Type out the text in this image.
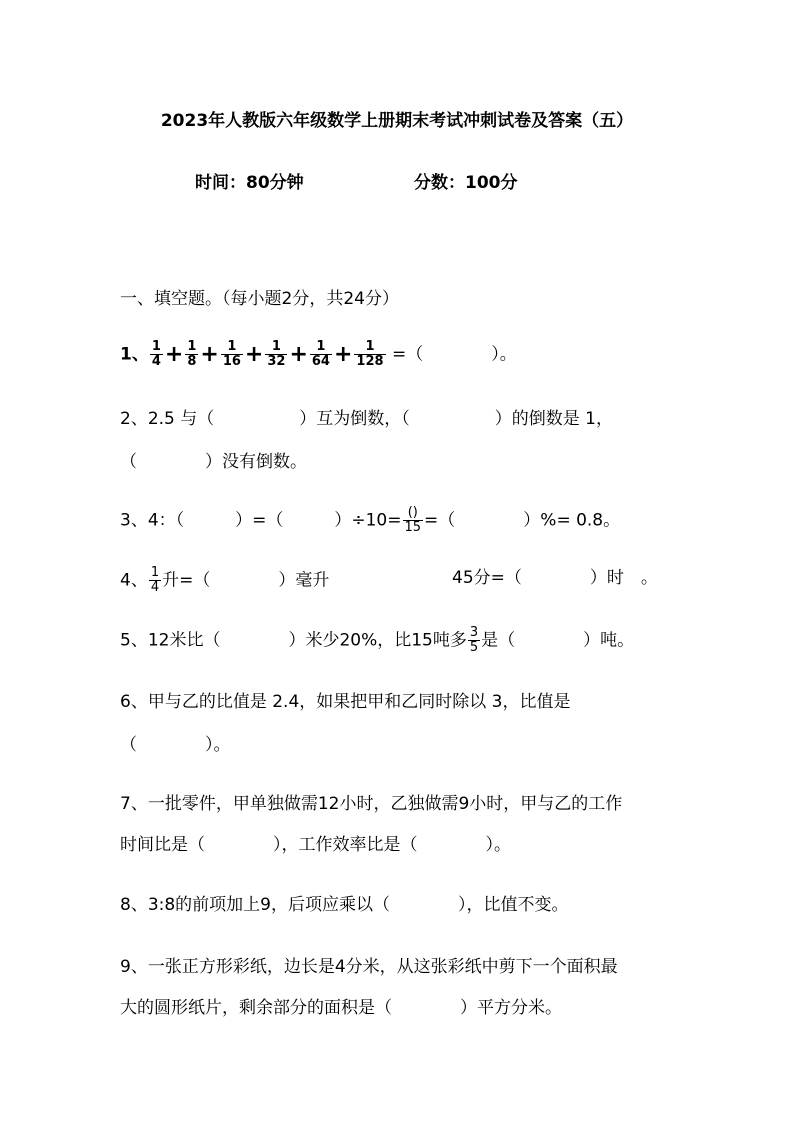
2023年人教版六年级数学上册期末考试冲刺试卷及答案（五）
时间：80分钟	分数：100分
一、填空题。（每小题2分，共24分）
1、 $\frac{1}{4} + \frac{1}{8} + \frac{1}{16} + \frac{1}{32} + \frac{1}{64} + \frac{1}{128}$ =（　　　　）。
2、2.5 与（　　　　　）互为倒数，（　　　　　）的倒数是 1，
（　　　　）没有倒数。
3、4：（　　　）=（　　　）$\div 10= \frac{()}{15}$ =（　　　　）%= 0.8。
4、 $\frac{1}{4}$ 升=（　　　　）毫升	45分=（　　　　）时　。
5、12米比（　　　　）米少20%，比15吨多 $\frac{3}{5}$ 是（　　　　）吨。
6、甲与乙的比值是 2.4，如果把甲和乙同时除以 3，比值是
（　　　　）。
7、一批零件，甲单独做需12小时，乙独做需9小时，甲与乙的工作
时间比是（　　　　），工作效率比是（　　　　）。
8、3:8的前项加上9，后项应乘以（　　　　），比值不变。
9、一张正方形彩纸，边长是4分米，从这张彩纸中剪下一个面积最
大的圆形纸片，剩余部分的面积是（　　　　）平方分米。
